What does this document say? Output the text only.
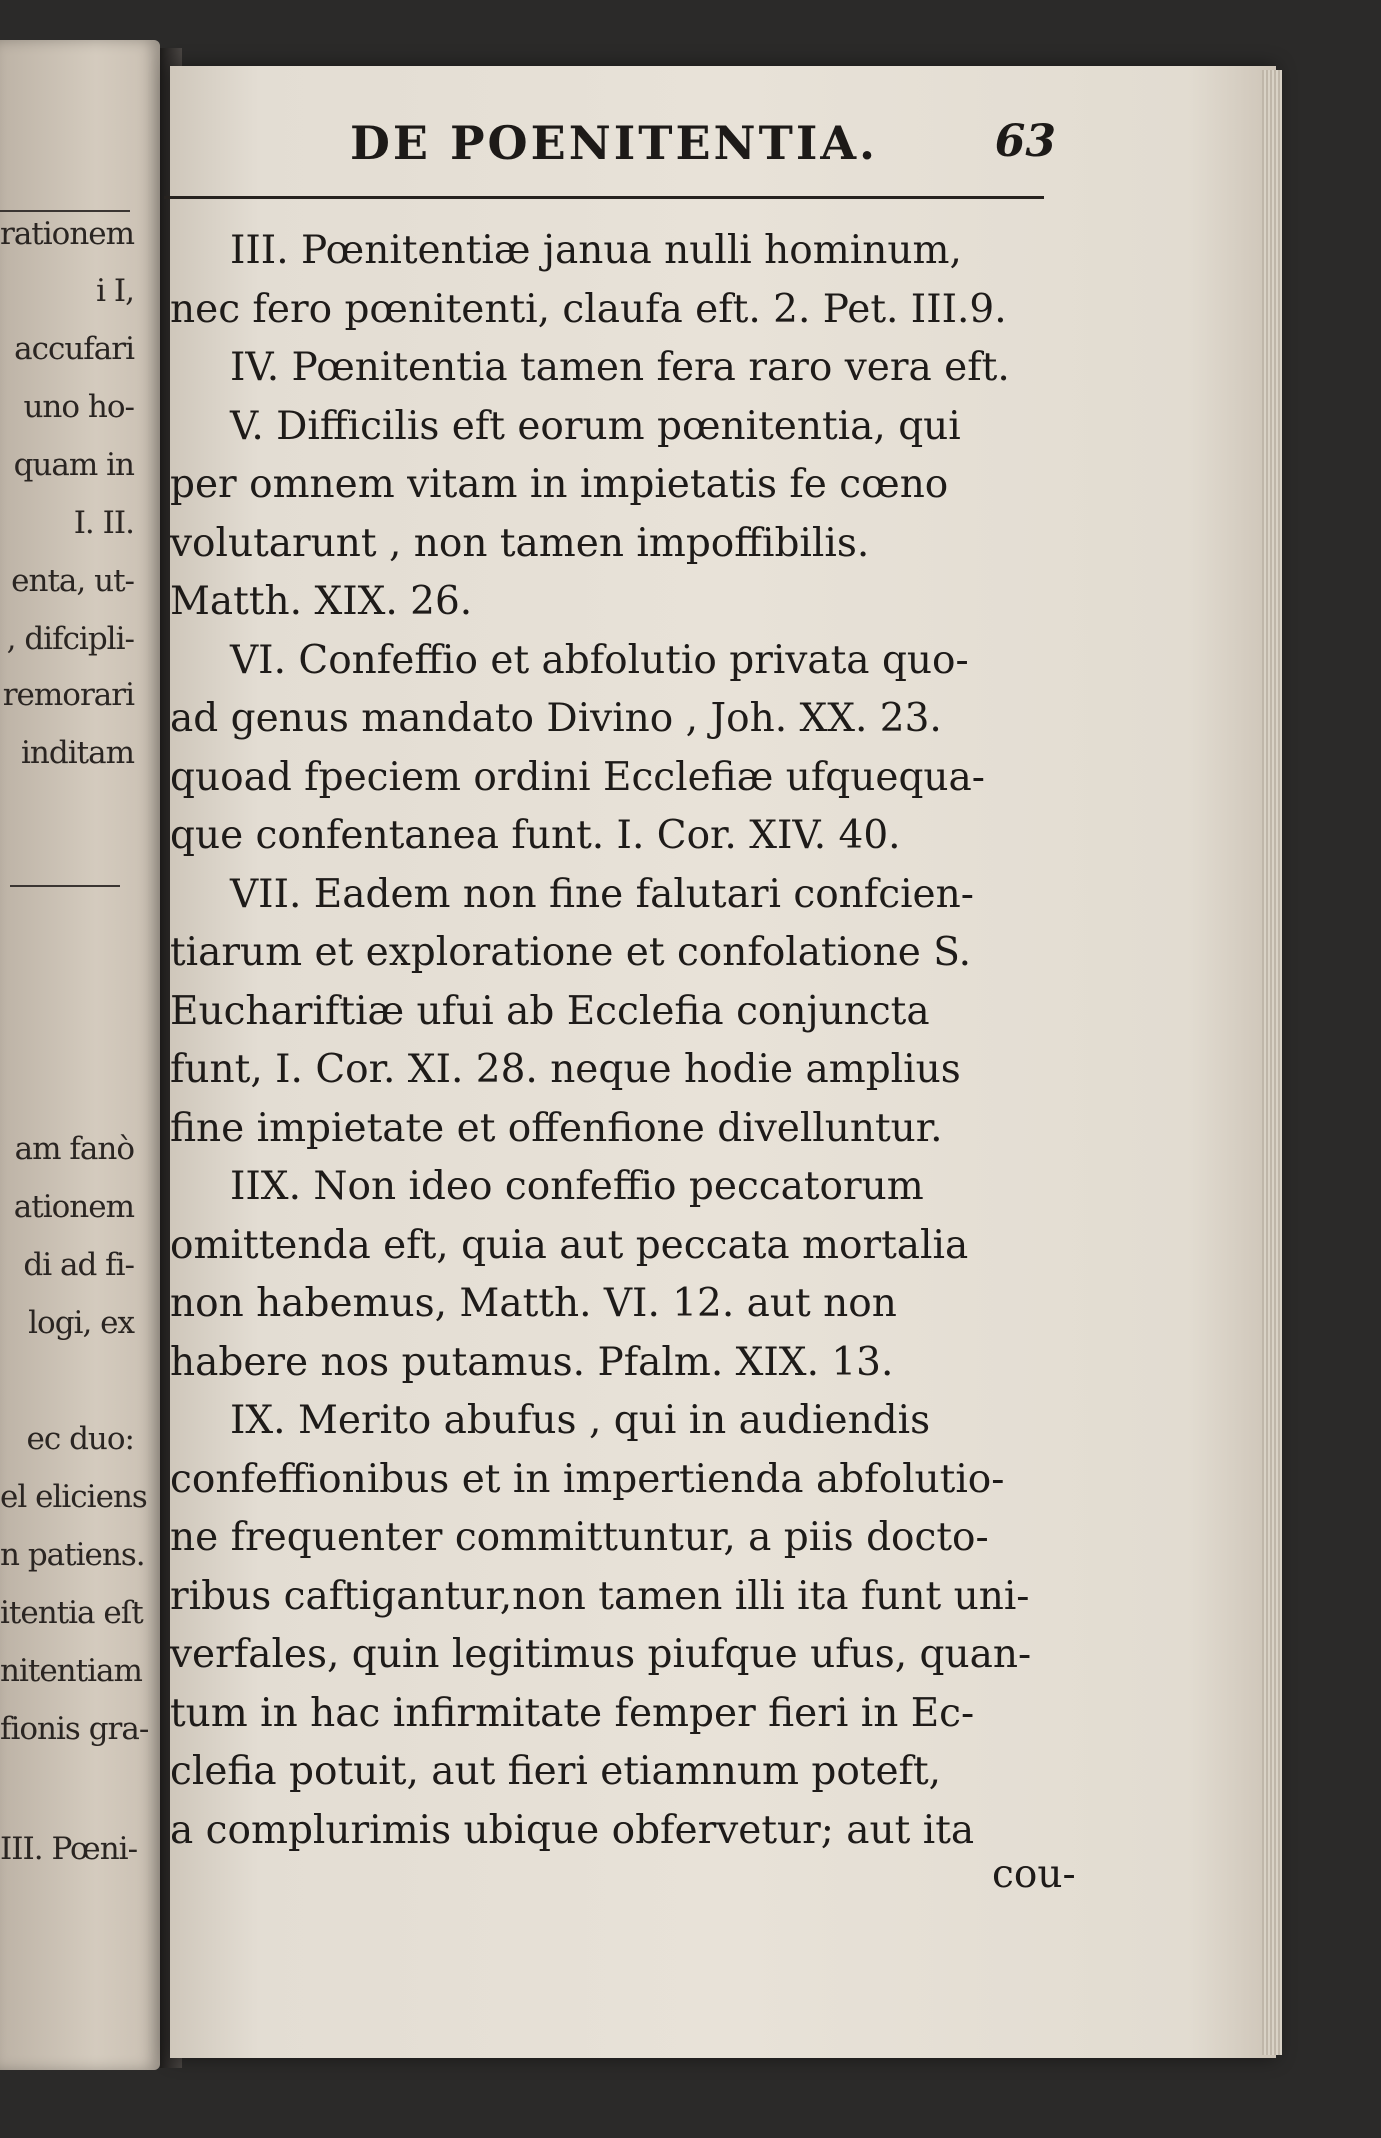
rationem
i I,
accufari
uno ho-
quam in
I. II.
enta, ut-
, difcipli-
remorari
inditam
am fanò
ationem
di ad fi-
logi, ex
ec duo:
el eliciens
n patiens.
itentia eſt
nitentiam
fionis gra-
III. Pœni-
DE POENITENTIA.	63
III. Pœnitentiæ janua nulli hominum,
nec fero pœnitenti, claufa eft. 2. Pet. III.9.
IV. Pœnitentia tamen fera raro vera eft.
V. Difficilis eft eorum pœnitentia, qui
per omnem vitam in impietatis fe cœno
volutarunt , non tamen impoffibilis.
Matth. XIX. 26.
VI. Confeffio et abfolutio privata quo-
ad genus mandato Divino , Joh. XX. 23.
quoad fpeciem ordini Ecclefiæ ufquequa-
que confentanea funt. I. Cor. XIV. 40.
VII. Eadem non fine falutari confcien-
tiarum et exploratione et confolatione S.
Euchariftiæ ufui ab Ecclefia conjuncta
funt, I. Cor. XI. 28. neque hodie amplius
fine impietate et offenfione divelluntur.
IIX. Non ideo confeffio peccatorum
omittenda eft, quia aut peccata mortalia
non habemus, Matth. VI. 12. aut non
habere nos putamus. Pfalm. XIX. 13.
IX. Merito abufus , qui in audiendis
confeffionibus et in impertienda abfolutio-
ne frequenter committuntur, a piis docto-
ribus caftigantur,non tamen illi ita funt uni-
verfales, quin legitimus piufque ufus, quan-
tum in hac infirmitate femper fieri in Ec-
clefia potuit, aut fieri etiamnum poteft,
a complurimis ubique obfervetur; aut ita
cou-
